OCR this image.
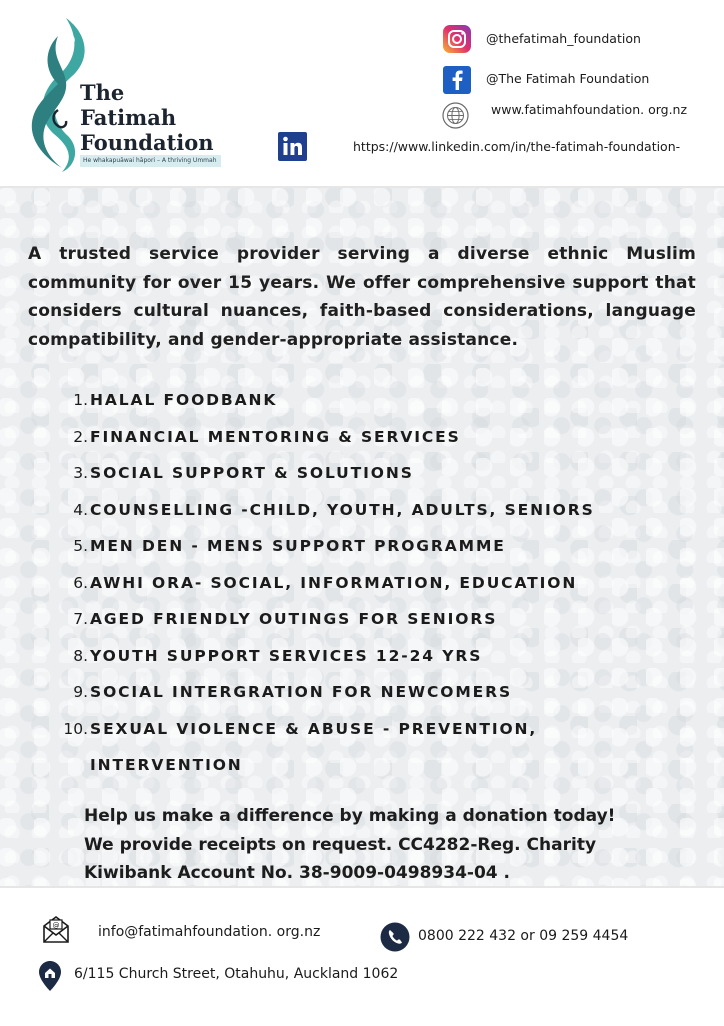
The
Fatimah
Foundation
He whakapuāwai hāpori – A thriving Ummah
@thefatimah_foundation
@The Fatimah Foundation
www.fatimahfoundation. org.nz
https://www.linkedin.com/in/the-fatimah-foundation-
A trusted service provider serving a diverse ethnic Muslim community for over 15 years. We offer comprehensive support that considers cultural nuances, faith-based considerations, language compatibility, and gender-appropriate assistance.
1. HALAL FOODBANK
2. FINANCIAL MENTORING & SERVICES
3. SOCIAL SUPPORT & SOLUTIONS
4. COUNSELLING -CHILD, YOUTH, ADULTS, SENIORS
5. MEN DEN - MENS SUPPORT PROGRAMME
6. AWHI ORA- SOCIAL, INFORMATION, EDUCATION
7. AGED FRIENDLY OUTINGS FOR SENIORS
8. YOUTH SUPPORT SERVICES 12-24 YRS
9. SOCIAL INTERGRATION FOR NEWCOMERS
10. SEXUAL VIOLENCE & ABUSE - PREVENTION,
INTERVENTION
Help us make a difference by making a donation today!
We provide receipts on request. CC4282-Reg. Charity
Kiwibank Account No. 38-9009-0498934-04 .
@	info@fatimahfoundation. org.nz	0800 222 432 or 09 259 4454
6/115 Church Street, Otahuhu, Auckland 1062
